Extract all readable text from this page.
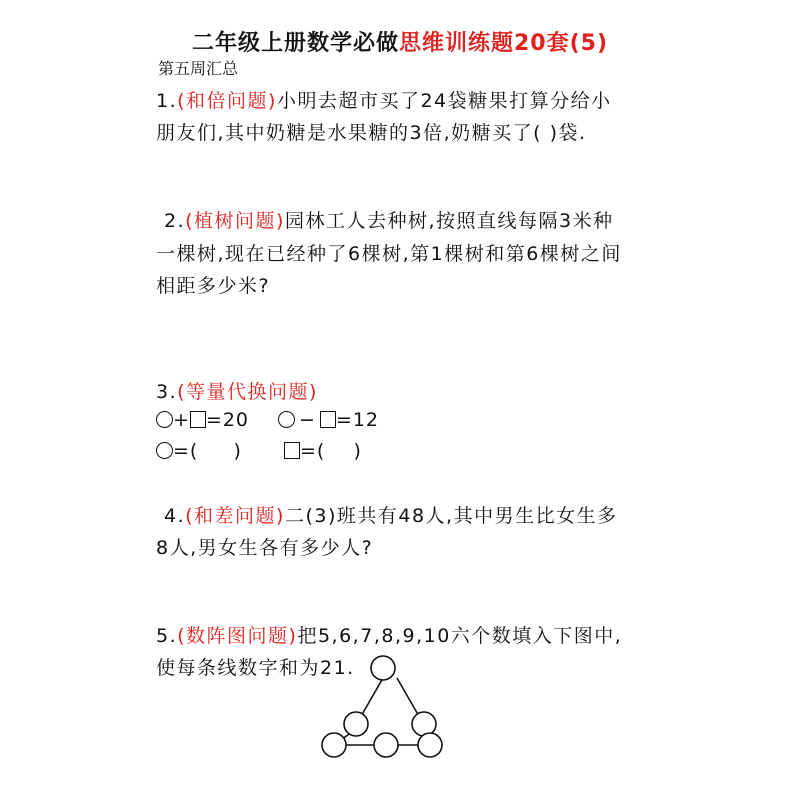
二年级上册数学必做思维训练题20套(5)
第五周汇总
1.(和倍问题)小明去超市买了24袋糖果打算分给小
朋友们,其中奶糖是水果糖的3倍,奶糖买了( )袋.
2.(植树问题)园林工人去种树,按照直线每隔3米种
一棵树,现在已经种了6棵树,第1棵树和第6棵树之间
相距多少米?
3.(等量代换问题)
+ =20	− =12
=(     )	=(    )
4.(和差问题)二(3)班共有48人,其中男生比女生多
8人,男女生各有多少人?
5.(数阵图问题)把5,6,7,8,9,10六个数填入下图中,
使每条线数字和为21.
